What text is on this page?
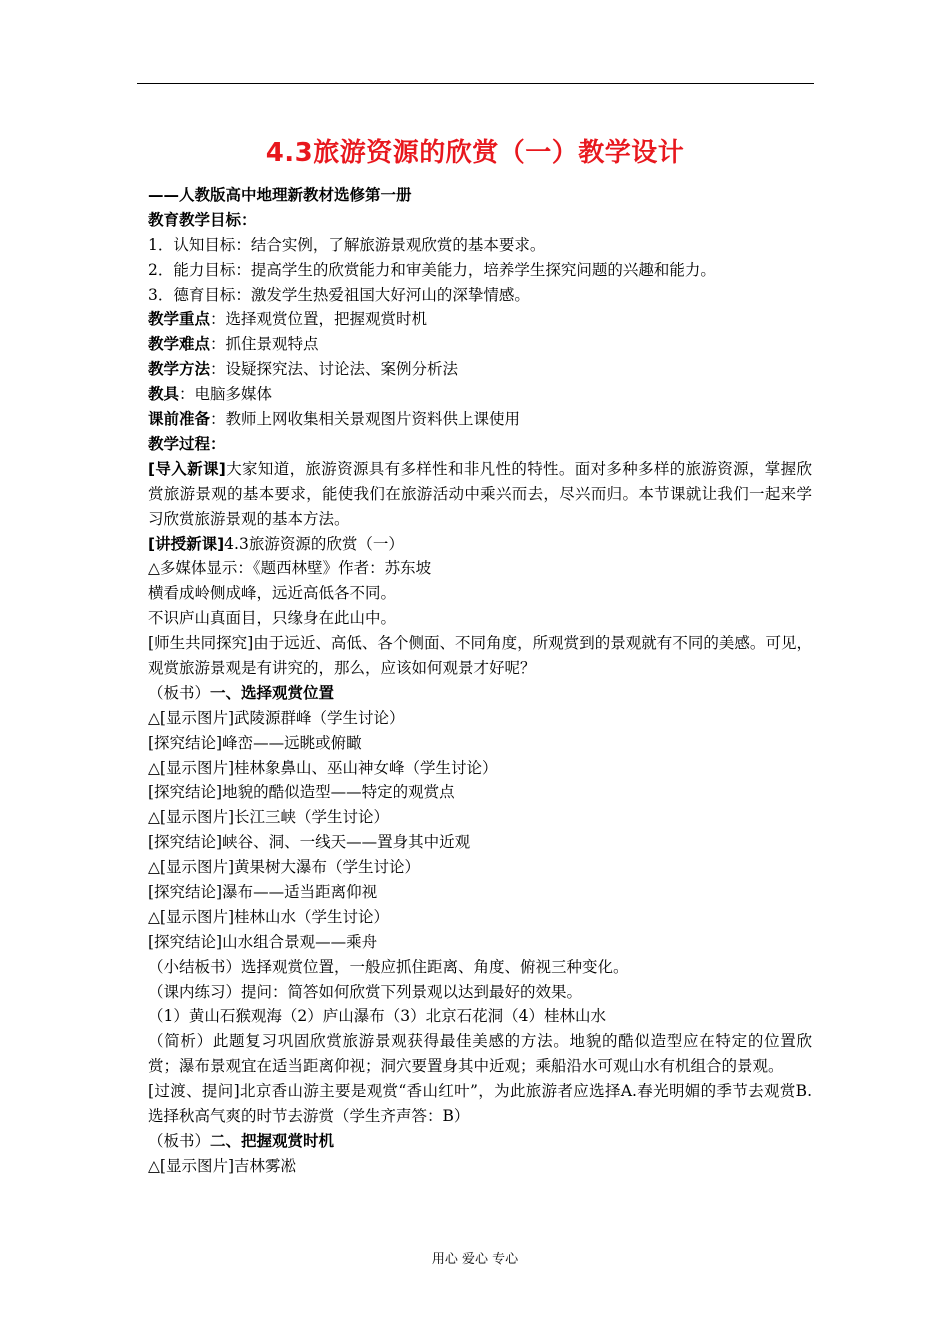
4.3旅游资源的欣赏（一）教学设计
——人教版高中地理新教材选修第一册
教育教学目标：
1．认知目标：结合实例，了解旅游景观欣赏的基本要求。
2．能力目标：提高学生的欣赏能力和审美能力，培养学生探究问题的兴趣和能力。
3．德育目标：激发学生热爱祖国大好河山的深挚情感。
教学重点：选择观赏位置，把握观赏时机
教学难点：抓住景观特点
教学方法：设疑探究法、讨论法、案例分析法
教具：电脑多媒体
课前准备：教师上网收集相关景观图片资料供上课使用
教学过程：
[导入新课]大家知道，旅游资源具有多样性和非凡性的特性。面对多种多样的旅游资源，掌握欣赏旅游景观的基本要求，能使我们在旅游活动中乘兴而去，尽兴而归。本节课就让我们一起来学习欣赏旅游景观的基本方法。
[讲授新课]4.3旅游资源的欣赏（一）
△多媒体显示：《题西林壁》作者：苏东坡
横看成岭侧成峰，远近高低各不同。
不识庐山真面目，只缘身在此山中。
[师生共同探究]由于远近、高低、各个侧面、不同角度，所观赏到的景观就有不同的美感。可见，观赏旅游景观是有讲究的，那么，应该如何观景才好呢？
（板书）一、选择观赏位置
△[显示图片]武陵源群峰（学生讨论）
[探究结论]峰峦——远眺或俯瞰
△[显示图片]桂林象鼻山、巫山神女峰（学生讨论）
[探究结论]地貌的酷似造型——特定的观赏点
△[显示图片]长江三峡（学生讨论）
[探究结论]峡谷、洞、一线天——置身其中近观
△[显示图片]黄果树大瀑布（学生讨论）
[探究结论]瀑布——适当距离仰视
△[显示图片]桂林山水（学生讨论）
[探究结论]山水组合景观——乘舟
（小结板书）选择观赏位置，一般应抓住距离、角度、俯视三种变化。
（课内练习）提问：简答如何欣赏下列景观以达到最好的效果。
（1）黄山石猴观海（2）庐山瀑布（3）北京石花洞（4）桂林山水
（简析）此题复习巩固欣赏旅游景观获得最佳美感的方法。地貌的酷似造型应在特定的位置欣赏；瀑布景观宜在适当距离仰视；洞穴要置身其中近观；乘船沿水可观山水有机组合的景观。
[过渡、提问]北京香山游主要是观赏“香山红叶”，为此旅游者应选择A.春光明媚的季节去观赏B.选择秋高气爽的时节去游赏（学生齐声答：B）
（板书）二、把握观赏时机
△[显示图片]吉林雾凇
用心 爱心 专心
